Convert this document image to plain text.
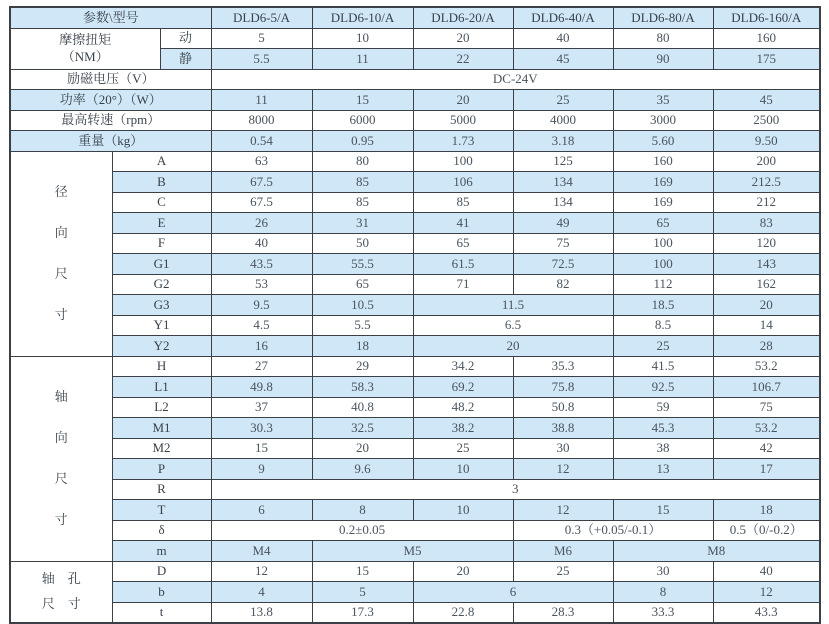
参数\型号			DLD6-5/A	DLD6-10/A	DLD6-20/A	DLD6-40/A	DLD6-80/A	DLD6-160/A
摩擦扭矩
（NM）		动	5	10	20	40	80	160
		静	5.5	11	22	45	90	175
励磁电压（V）			DC-24V					
功率（20°）（W）			11	15	20	25	35	45
最高转速（rpm）			8000	6000	5000	4000	3000	2500
重量（kg）			0.54	0.95	1.73	3.18	5.60	9.50

径
向
尺
寸	A		63	80	100	125	160	200
	B		67.5	85	106	134	169	212.5
	C		67.5	85	85	134	169	212
	E		26	31	41	49	65	83
	F		40	50	65	75	100	120
	G1		43.5	55.5	61.5	72.5	100	143
	G2		53	65	71	82	112	162
	G3		9.5	10.5	11.5		18.5	20
	Y1		4.5	5.5	6.5		8.5	14
	Y2		16	18	20		25	28

轴
向
尺
寸	H		27	29	34.2	35.3	41.5	53.2
	L1		49.8	58.3	69.2	75.8	92.5	106.7
	L2		37	40.8	48.2	50.8	59	75
	M1		30.3	32.5	38.2	38.8	45.3	53.2
	M2		15	20	25	30	38	42
	P		9	9.6	10	12	13	17
	R		3					
	T		6	8	10	12	15	18
	δ		0.2±0.05			0.3（+0.05/-0.1）		0.5（0/-0.2）
	m		M4	M5		M6	M8	

轴　孔
尺　寸	D		12	15	20	25	30	40
	b		4	5	6		8	12
	t		13.8	17.3	22.8	28.3	33.3	43.3
